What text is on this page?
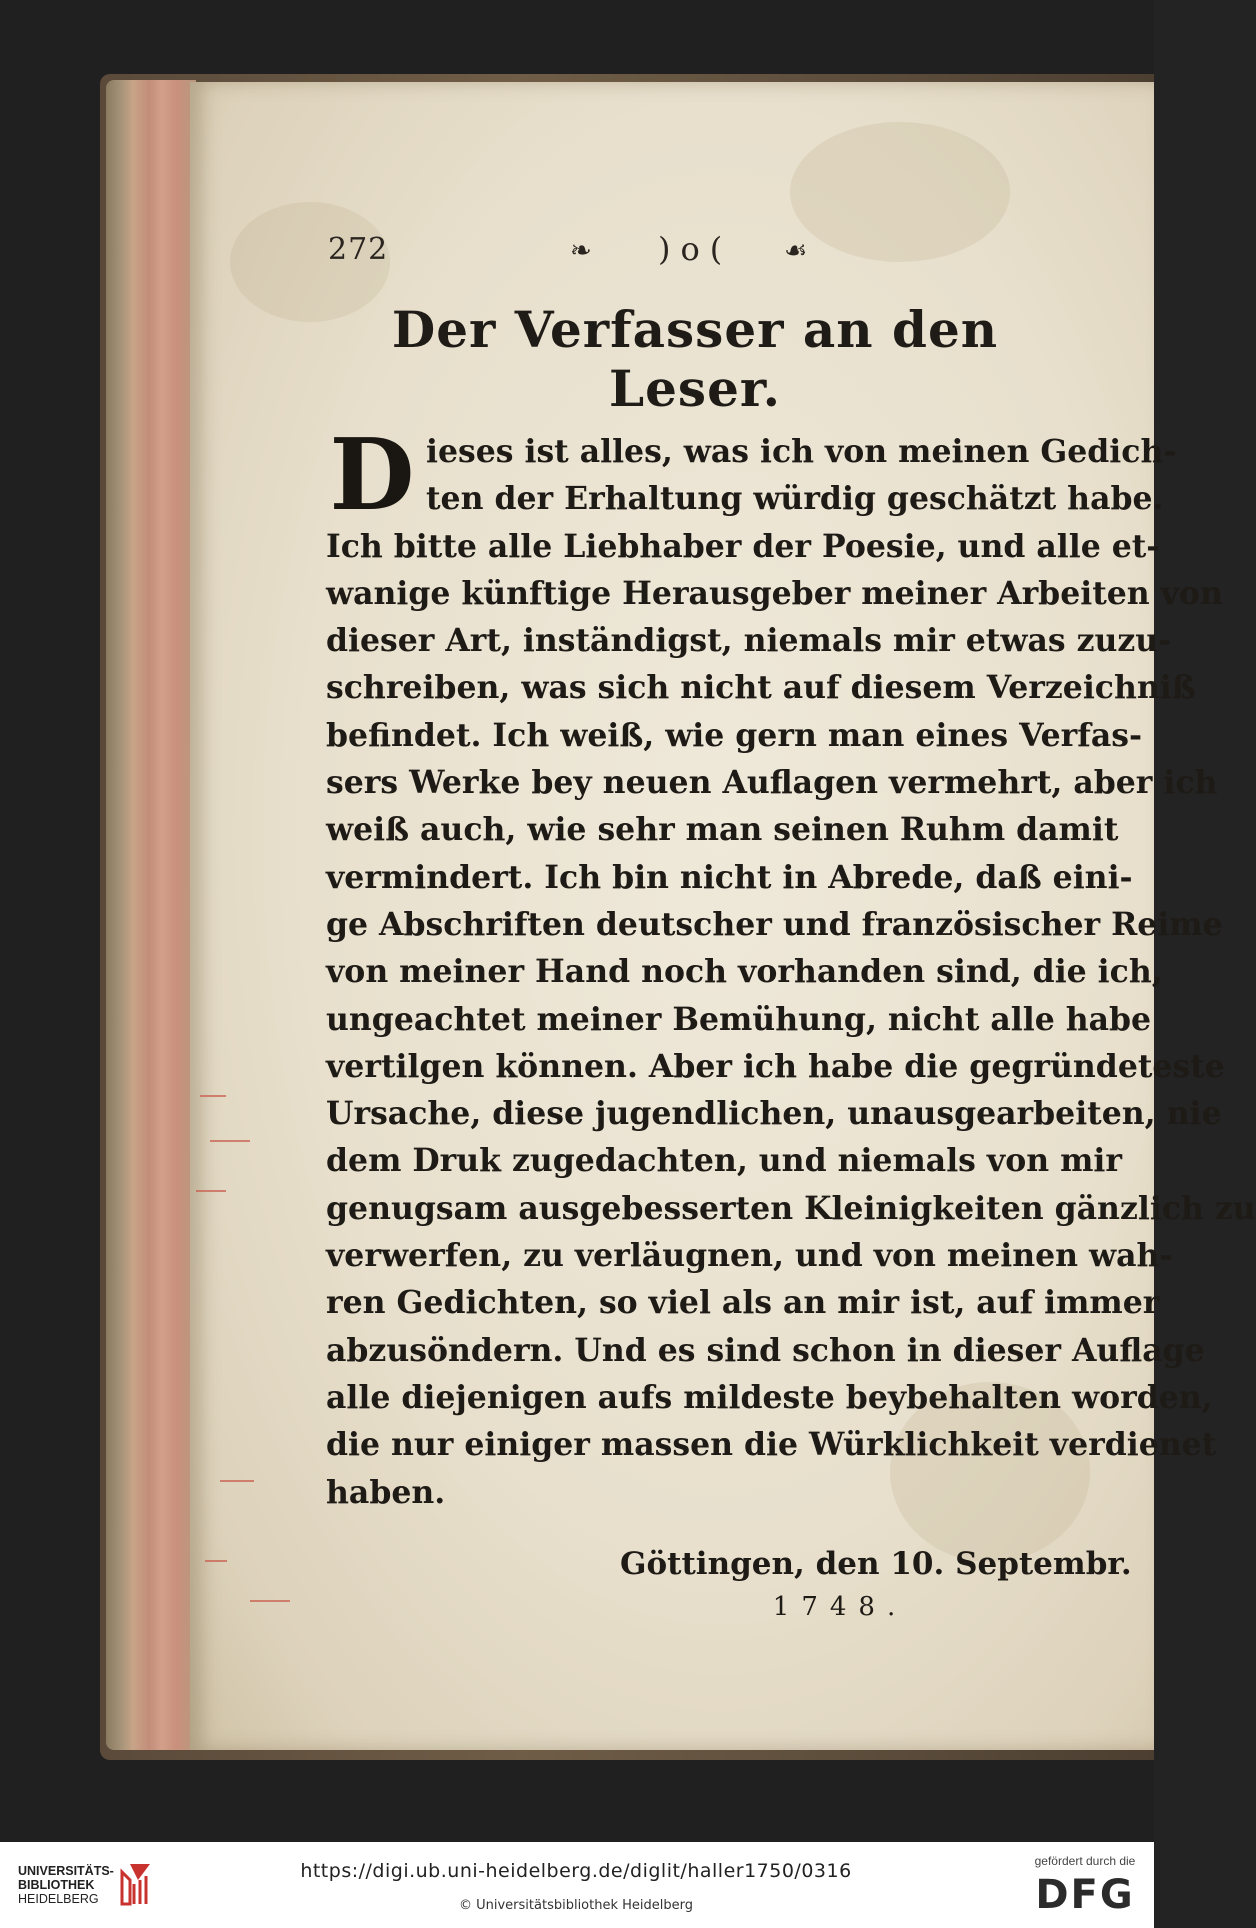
272	❧ )o( ☙
Der Verfasser an den Leser.
D ieses ist alles, was ich von meinen Gedich-
ten der Erhaltung würdig geschätzt habe.
Ich bitte alle Liebhaber der Poesie, und alle et-
wanige künftige Herausgeber meiner Arbeiten von
dieser Art, inständigst, niemals mir etwas zuzu-
schreiben, was sich nicht auf diesem Verzeichniß
befindet. Ich weiß, wie gern man eines Verfas-
sers Werke bey neuen Auflagen vermehrt, aber ich
weiß auch, wie sehr man seinen Ruhm damit
vermindert. Ich bin nicht in Abrede, daß eini-
ge Abschriften deutscher und französischer Reime
von meiner Hand noch vorhanden sind, die ich,
ungeachtet meiner Bemühung, nicht alle habe
vertilgen können. Aber ich habe die gegründeteste
Ursache, diese jugendlichen, unausgearbeiten, nie
dem Druk zugedachten, und niemals von mir
genugsam ausgebesserten Kleinigkeiten gänzlich zu
verwerfen, zu verläugnen, und von meinen wah-
ren Gedichten, so viel als an mir ist, auf immer
abzusöndern. Und es sind schon in dieser Auflage
alle diejenigen aufs mildeste beybehalten worden,
die nur einiger massen die Würklichkeit verdienet
haben.
Göttingen, den 10. Septembr.
1748.
UNIVERSITÄTS-
BIBLIOTHEK
HEIDELBERG
https://digi.ub.uni-heidelberg.de/diglit/haller1750/0316
© Universitätsbibliothek Heidelberg
gefördert durch die
DFG
